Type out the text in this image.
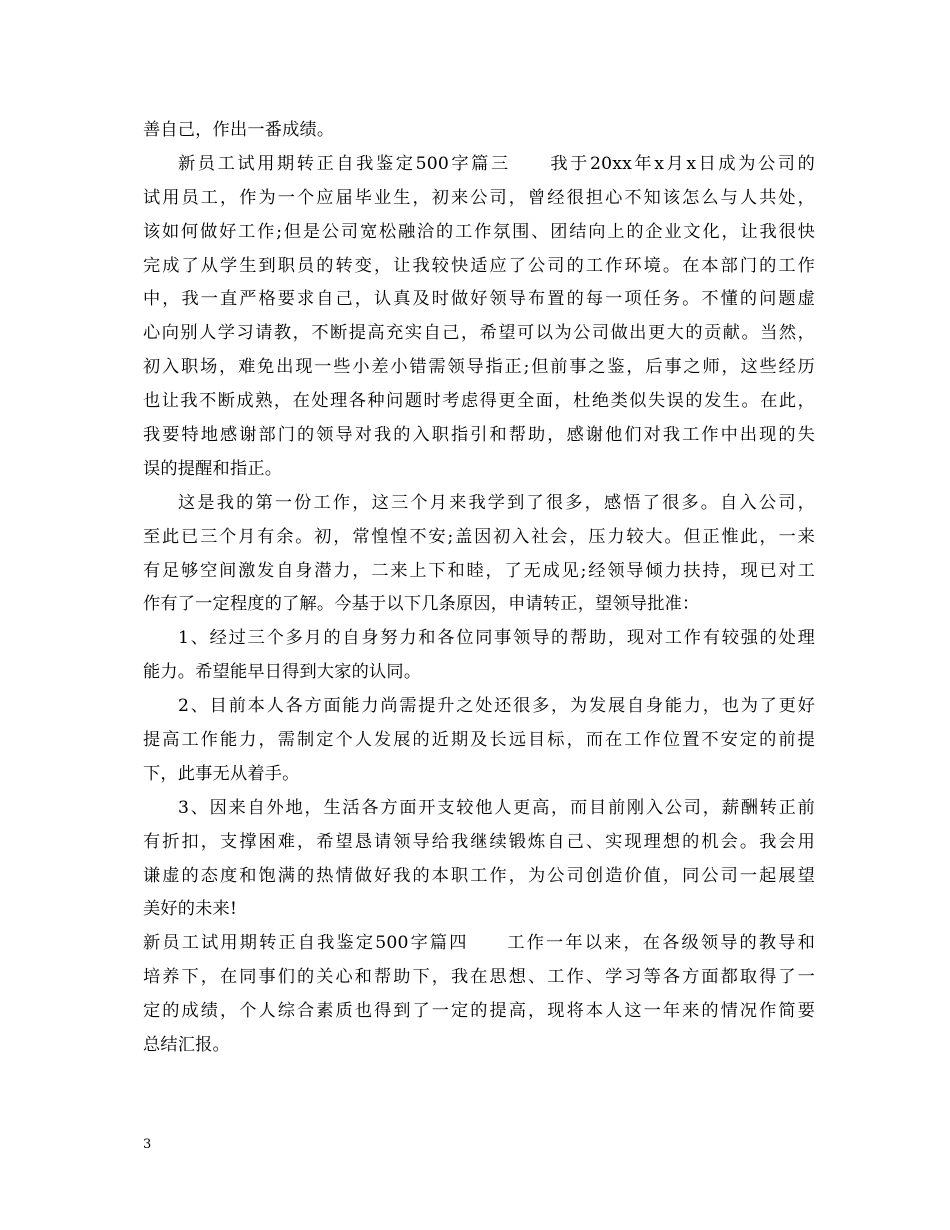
善自己，作出一番成绩。
新员工试用期转正自我鉴定500字篇三　　我于20xx年x月x日成为公司的
试用员工，作为一个应届毕业生，初来公司，曾经很担心不知该怎么与人共处，
该如何做好工作;但是公司宽松融洽的工作氛围、团结向上的企业文化，让我很快
完成了从学生到职员的转变，让我较快适应了公司的工作环境。在本部门的工作
中，我一直严格要求自己，认真及时做好领导布置的每一项任务。不懂的问题虚
心向别人学习请教，不断提高充实自己，希望可以为公司做出更大的贡献。当然，
初入职场，难免出现一些小差小错需领导指正;但前事之鉴，后事之师，这些经历
也让我不断成熟，在处理各种问题时考虑得更全面，杜绝类似失误的发生。在此，
我要特地感谢部门的领导对我的入职指引和帮助，感谢他们对我工作中出现的失
误的提醒和指正。
这是我的第一份工作，这三个月来我学到了很多，感悟了很多。自入公司，
至此已三个月有余。初，常惶惶不安;盖因初入社会，压力较大。但正惟此，一来
有足够空间激发自身潜力，二来上下和睦，了无成见;经领导倾力扶持，现已对工
作有了一定程度的了解。今基于以下几条原因，申请转正，望领导批准：
1、经过三个多月的自身努力和各位同事领导的帮助，现对工作有较强的处理
能力。希望能早日得到大家的认同。
2、目前本人各方面能力尚需提升之处还很多，为发展自身能力，也为了更好
提高工作能力，需制定个人发展的近期及长远目标，而在工作位置不安定的前提
下，此事无从着手。
3、因来自外地，生活各方面开支较他人更高，而目前刚入公司，薪酬转正前
有折扣，支撑困难，希望恳请领导给我继续锻炼自己、实现理想的机会。我会用
谦虚的态度和饱满的热情做好我的本职工作，为公司创造价值，同公司一起展望
美好的未来!
新员工试用期转正自我鉴定500字篇四　　工作一年以来，在各级领导的教导和
培养下，在同事们的关心和帮助下，我在思想、工作、学习等各方面都取得了一
定的成绩，个人综合素质也得到了一定的提高，现将本人这一年来的情况作简要
总结汇报。
3
